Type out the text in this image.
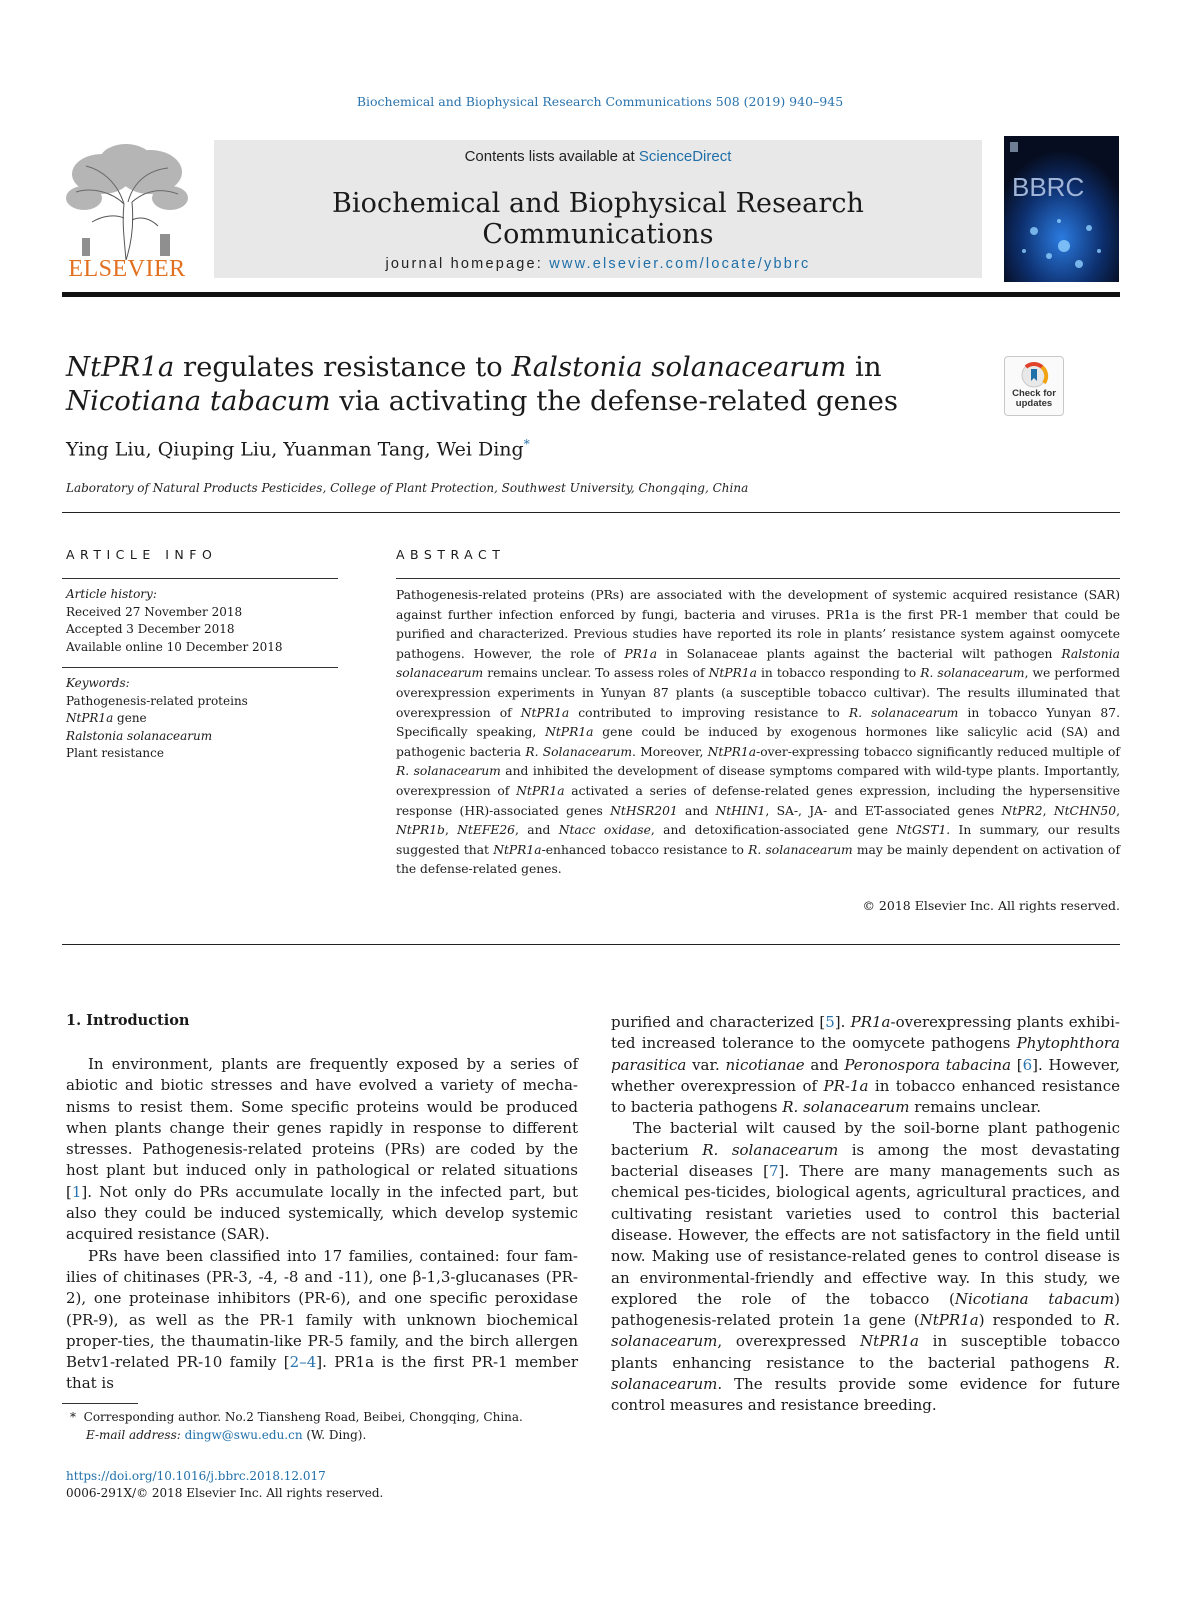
Biochemical and Biophysical Research Communications 508 (2019) 940–945
ELSEVIER
Contents lists available at ScienceDirect
Biochemical and Biophysical Research Communications
journal homepage: www.elsevier.com/locate/ybbrc
BBRC
NtPR1a regulates resistance to Ralstonia solanacearum in Nicotiana tabacum via activating the defense-related genes	Check for
updates
Ying Liu, Qiuping Liu, Yuanman Tang, Wei Ding*
Laboratory of Natural Products Pesticides, College of Plant Protection, Southwest University, Chongqing, China
ARTICLE INFO	ABSTRACT
Article history:
Received 27 November 2018
Accepted 3 December 2018
Available online 10 December 2018
Keywords:
Pathogenesis-related proteins
NtPR1a gene
Ralstonia solanacearum
Plant resistance
Pathogenesis-related proteins (PRs) are associated with the development of systemic acquired resistance (SAR) against further infection enforced by fungi, bacteria and viruses. PR1a is the first PR-1 member that could be purified and characterized. Previous studies have reported its role in plants’ resistance system against oomycete pathogens. However, the role of PR1a in Solanaceae plants against the bacterial wilt pathogen Ralstonia solanacearum remains unclear. To assess roles of NtPR1a in tobacco responding to R. solanacearum, we performed overexpression experiments in Yunyan 87 plants (a susceptible tobacco cultivar). The results illuminated that overexpression of NtPR1a contributed to improving resistance to R. solanacearum in tobacco Yunyan 87. Specifically speaking, NtPR1a gene could be induced by exogenous hormones like salicylic acid (SA) and pathogenic bacteria R. Solanacearum. Moreover, NtPR1a-over-expressing tobacco significantly reduced multiple of R. solanacearum and inhibited the development of disease symptoms compared with wild-type plants. Importantly, overexpression of NtPR1a activated a series of defense-related genes expression, including the hypersensitive response (HR)-associated genes NtHSR201 and NtHIN1, SA-, JA- and ET-associated genes NtPR2, NtCHN50, NtPR1b, NtEFE26, and Ntacc oxidase, and detoxification-associated gene NtGST1. In summary, our results suggested that NtPR1a-enhanced tobacco resistance to R. solanacearum may be mainly dependent on activation of the defense-related genes.
© 2018 Elsevier Inc. All rights reserved.
1. Introduction

In environment, plants are frequently exposed by a series of abiotic and biotic stresses and have evolved a variety of mecha-nisms to resist them. Some specific proteins would be produced when plants change their genes rapidly in response to different stresses. Pathogenesis-related proteins (PRs) are coded by the host plant but induced only in pathological or related situations [1]. Not only do PRs accumulate locally in the infected part, but also they could be induced systemically, which develop systemic acquired resistance (SAR).

PRs have been classified into 17 families, contained: four fam-ilies of chitinases (PR-3, -4, -8 and -11), one β-1,3-glucanases (PR-2), one proteinase inhibitors (PR-6), and one specific peroxidase (PR-9), as well as the PR-1 family with unknown biochemical proper-ties, the thaumatin-like PR-5 family, and the birch allergen Betv1-related PR-10 family [2–4]. PR1a is the first PR-1 member that is

purified and characterized [5]. PR1a-overexpressing plants exhibi-ted increased tolerance to the oomycete pathogens Phytophthora parasitica var. nicotianae and Peronospora tabacina [6]. However, whether overexpression of PR-1a in tobacco enhanced resistance to bacteria pathogens R. solanacearum remains unclear.

The bacterial wilt caused by the soil-borne plant pathogenic bacterium R. solanacearum is among the most devastating bacterial diseases [7]. There are many managements such as chemical pes-ticides, biological agents, agricultural practices, and cultivating resistant varieties used to control this bacterial disease. However, the effects are not satisfactory in the field until now. Making use of resistance-related genes to control disease is an environmental-friendly and effective way. In this study, we explored the role of the tobacco (Nicotiana tabacum) pathogenesis-related protein 1a gene (NtPR1a) responded to R. solanacearum, overexpressed NtPR1a in susceptible tobacco plants enhancing resistance to the bacterial pathogens R. solanacearum. The results provide some evidence for future control measures and resistance breeding.

* Corresponding author. No.2 Tiansheng Road, Beibei, Chongqing, China.
E-mail address: dingw@swu.edu.cn (W. Ding).
https://doi.org/10.1016/j.bbrc.2018.12.017
0006-291X/© 2018 Elsevier Inc. All rights reserved.
